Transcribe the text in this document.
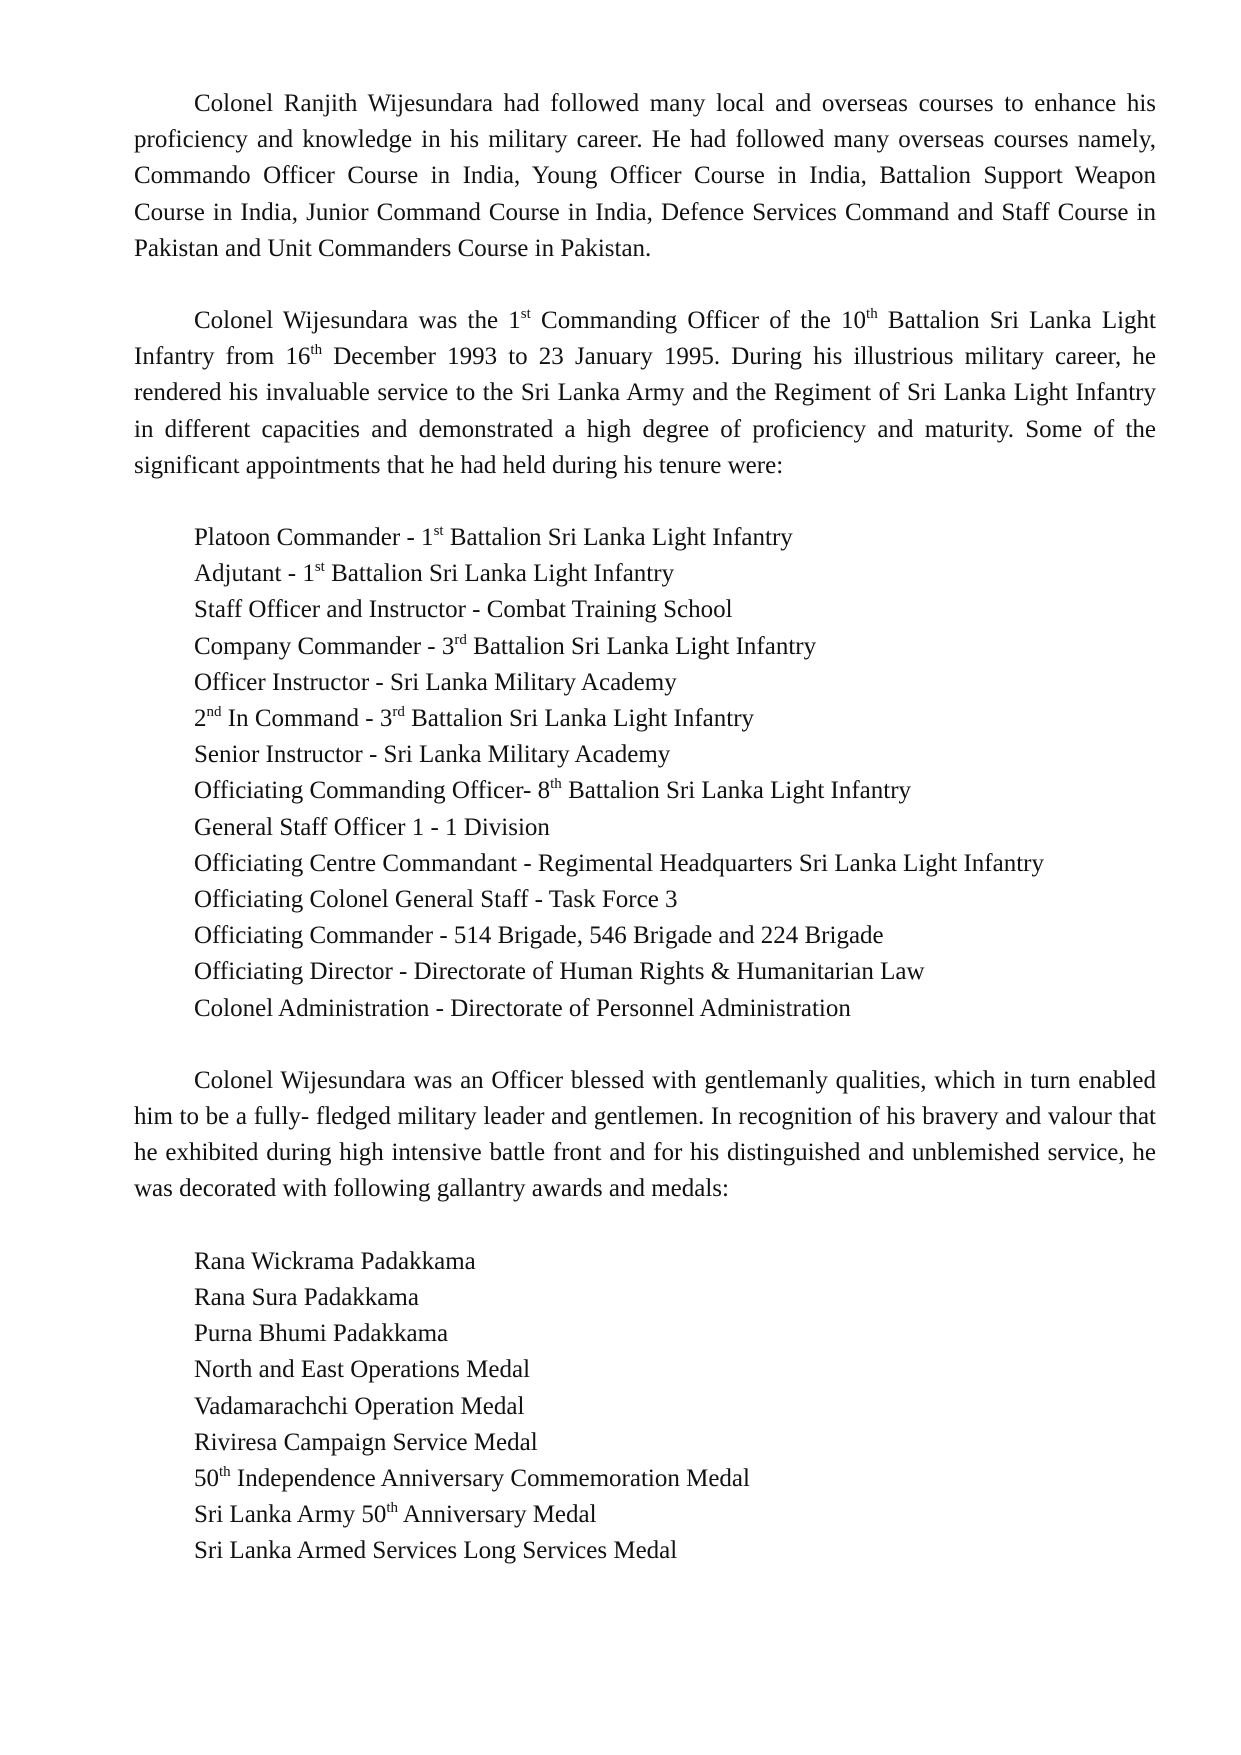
Colonel Ranjith Wijesundara had followed many local and overseas courses to enhance his proficiency and knowledge in his military career. He had followed many overseas courses namely, Commando Officer Course in India, Young Officer Course in India, Battalion Support Weapon Course in India, Junior Command Course in India, Defence Services Command and Staff Course in Pakistan and Unit Commanders Course in Pakistan.

Colonel Wijesundara was the 1st Commanding Officer of the 10th Battalion Sri Lanka Light Infantry from 16th December 1993 to 23 January 1995. During his illustrious military career, he rendered his invaluable service to the Sri Lanka Army and the Regiment of Sri Lanka Light Infantry in different capacities and demonstrated a high degree of proficiency and maturity. Some of the significant appointments that he had held during his tenure were:

Platoon Commander - 1st Battalion Sri Lanka Light Infantry
Adjutant - 1st Battalion Sri Lanka Light Infantry
Staff Officer and Instructor - Combat Training School
Company Commander - 3rd Battalion Sri Lanka Light Infantry
Officer Instructor - Sri Lanka Military Academy
2nd In Command - 3rd Battalion Sri Lanka Light Infantry
Senior Instructor - Sri Lanka Military Academy
Officiating Commanding Officer- 8th Battalion Sri Lanka Light Infantry
General Staff Officer 1 - 1 Division
Officiating Centre Commandant - Regimental Headquarters Sri Lanka Light Infantry
Officiating Colonel General Staff - Task Force 3
Officiating Commander - 514 Brigade, 546 Brigade and 224 Brigade
Officiating Director - Directorate of Human Rights & Humanitarian Law
Colonel Administration - Directorate of Personnel Administration

Colonel Wijesundara was an Officer blessed with gentlemanly qualities, which in turn enabled him to be a fully- fledged military leader and gentlemen. In recognition of his bravery and valour that he exhibited during high intensive battle front and for his distinguished and unblemished service, he was decorated with following gallantry awards and medals:

Rana Wickrama Padakkama
Rana Sura Padakkama
Purna Bhumi Padakkama
North and East Operations Medal
Vadamarachchi Operation Medal
Riviresa Campaign Service Medal
50th Independence Anniversary Commemoration Medal
Sri Lanka Army 50th Anniversary Medal
Sri Lanka Armed Services Long Services Medal
